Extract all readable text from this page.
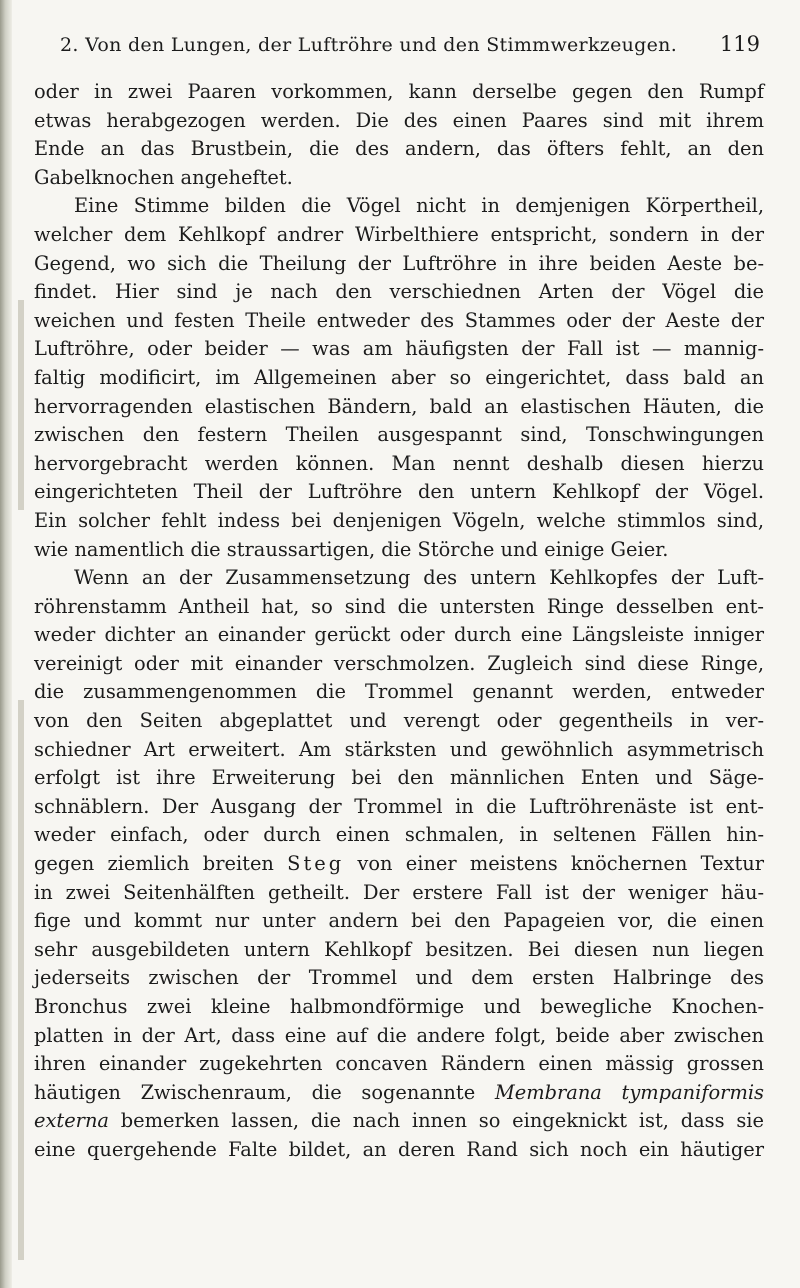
2. Von den Lungen, der Luftröhre und den Stimmwerkzeugen. 119
oder in zwei Paaren vorkommen, kann derselbe gegen den Rumpf
etwas herabgezogen werden. Die des einen Paares sind mit ihrem
Ende an das Brustbein, die des andern, das öfters fehlt, an den
Gabelknochen angeheftet.
Eine Stimme bilden die Vögel nicht in demjenigen Körpertheil,
welcher dem Kehlkopf andrer Wirbelthiere entspricht, sondern in der
Gegend, wo sich die Theilung der Luftröhre in ihre beiden Aeste be-
findet. Hier sind je nach den verschiednen Arten der Vögel die
weichen und festen Theile entweder des Stammes oder der Aeste der
Luftröhre, oder beider — was am häufigsten der Fall ist — mannig-
faltig modificirt, im Allgemeinen aber so eingerichtet, dass bald an
hervorragenden elastischen Bändern, bald an elastischen Häuten, die
zwischen den festern Theilen ausgespannt sind, Tonschwingungen
hervorgebracht werden können. Man nennt deshalb diesen hierzu
eingerichteten Theil der Luftröhre den untern Kehlkopf der Vögel.
Ein solcher fehlt indess bei denjenigen Vögeln, welche stimmlos sind,
wie namentlich die straussartigen, die Störche und einige Geier.
Wenn an der Zusammensetzung des untern Kehlkopfes der Luft-
röhrenstamm Antheil hat, so sind die untersten Ringe desselben ent-
weder dichter an einander gerückt oder durch eine Längsleiste inniger
vereinigt oder mit einander verschmolzen. Zugleich sind diese Ringe,
die zusammengenommen die Trommel genannt werden, entweder
von den Seiten abgeplattet und verengt oder gegentheils in ver-
schiedner Art erweitert. Am stärksten und gewöhnlich asymmetrisch
erfolgt ist ihre Erweiterung bei den männlichen Enten und Säge-
schnäblern. Der Ausgang der Trommel in die Luftröhrenäste ist ent-
weder einfach, oder durch einen schmalen, in seltenen Fällen hin-
gegen ziemlich breiten Steg von einer meistens knöchernen Textur
in zwei Seitenhälften getheilt. Der erstere Fall ist der weniger häu-
fige und kommt nur unter andern bei den Papageien vor, die einen
sehr ausgebildeten untern Kehlkopf besitzen. Bei diesen nun liegen
jederseits zwischen der Trommel und dem ersten Halbringe des
Bronchus zwei kleine halbmondförmige und bewegliche Knochen-
platten in der Art, dass eine auf die andere folgt, beide aber zwischen
ihren einander zugekehrten concaven Rändern einen mässig grossen
häutigen Zwischenraum, die sogenannte Membrana tympaniformis
externa bemerken lassen, die nach innen so eingeknickt ist, dass sie
eine quergehende Falte bildet, an deren Rand sich noch ein häutiger
